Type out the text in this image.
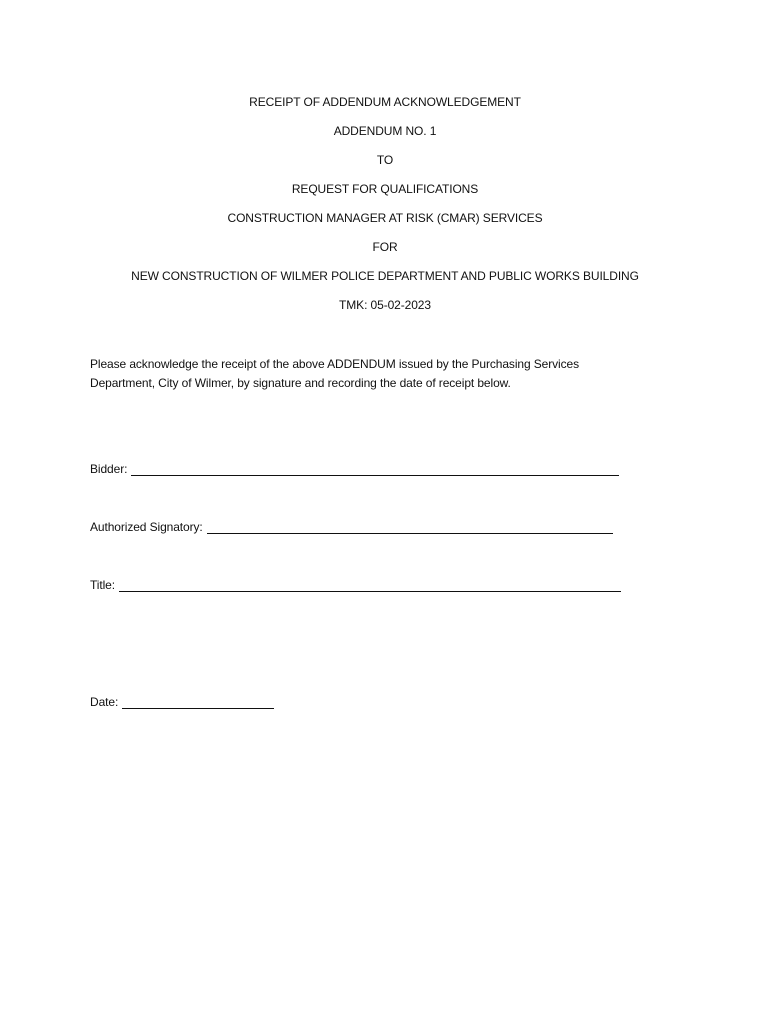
RECEIPT OF ADDENDUM ACKNOWLEDGEMENT
ADDENDUM NO. 1
TO
REQUEST FOR QUALIFICATIONS
CONSTRUCTION MANAGER AT RISK (CMAR) SERVICES
FOR
NEW CONSTRUCTION OF WILMER POLICE DEPARTMENT AND PUBLIC WORKS BUILDING
TMK: 05-02-2023

Please acknowledge the receipt of the above ADDENDUM issued by the Purchasing Services

Department, City of Wilmer, by signature and recording the date of receipt below.

Bidder:
Authorized Signatory:
Title:
Date:
